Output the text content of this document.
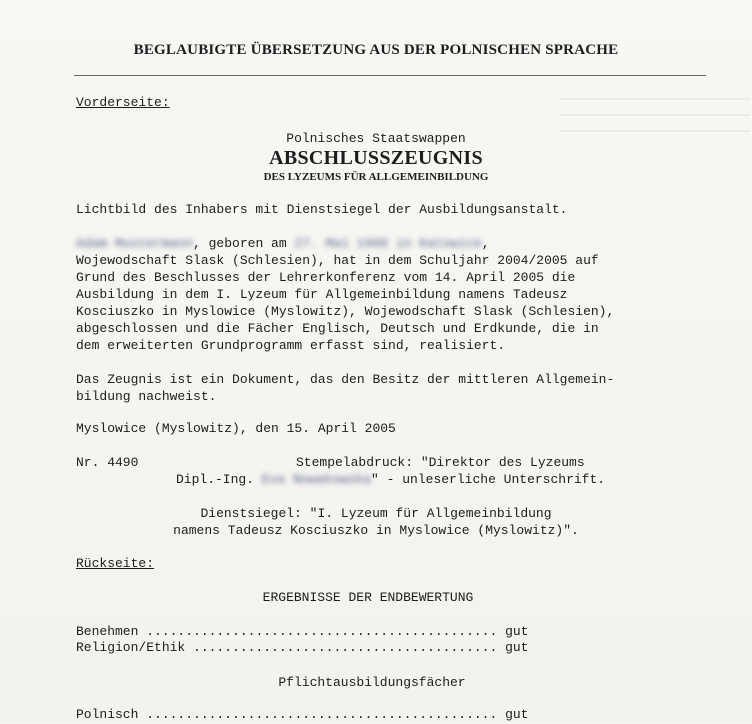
BEGLAUBIGTE ÜBERSETZUNG AUS DER POLNISCHEN SPRACHE
Vorderseite:
Polnisches Staatswappen
ABSCHLUSSZEUGNIS
DES LYZEUMS FÜR ALLGEMEINBILDUNG
Lichtbild des Inhabers mit Dienstsiegel der Ausbildungsanstalt.
Adam Mustermann, geboren am 27. Mai 1988 in Katowice,
Wojewodschaft Slask (Schlesien), hat in dem Schuljahr 2004/2005 auf
Grund des Beschlusses der Lehrerkonferenz vom 14. April 2005 die
Ausbildung in dem I. Lyzeum für Allgemeinbildung namens Tadeusz
Kosciuszko in Myslowice (Myslowitz), Wojewodschaft Slask (Schlesien),
abgeschlossen und die Fächer Englisch, Deutsch und Erdkunde, die in
dem erweiterten Grundprogramm erfasst sind, realisiert.
Das Zeugnis ist ein Dokument, das den Besitz der mittleren Allgemein-
bildung nachweist.
Myslowice (Myslowitz), den 15. April 2005
Nr. 4490	Stempelabdruck: "Direktor des Lyzeums
Dipl.-Ing. Eva Nowakowska" - unleserliche Unterschrift.
Dienstsiegel: "I. Lyzeum für Allgemeinbildung
namens Tadeusz Kosciuszko in Myslowice (Myslowitz)".
Rückseite:
ERGEBNISSE DER ENDBEWERTUNG
Benehmen ............................................. gut
Religion/Ethik ....................................... gut
Pflichtausbildungsfächer
Polnisch ............................................. gut
